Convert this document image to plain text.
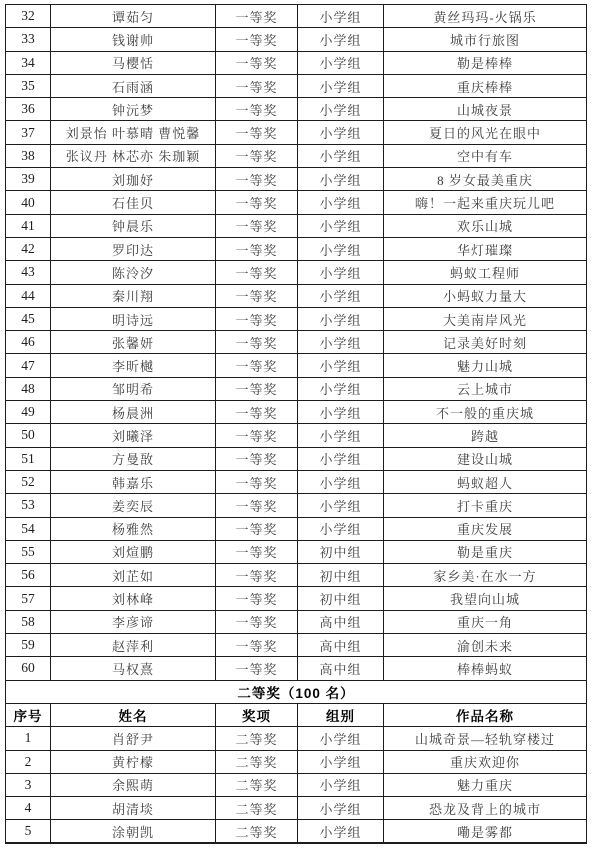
32	谭茹匀	一等奖	小学组	黄丝玛玛-火锅乐
33	钱谢帅	一等奖	小学组	城市行旅图
34	马樱恬	一等奖	小学组	勒是棒棒
35	石雨涵	一等奖	小学组	重庆棒棒
36	钟沅梦	一等奖	小学组	山城夜景
37	刘景怡 叶慕晴 曹悦馨	一等奖	小学组	夏日的风光在眼中
38	张议丹 林芯亦 朱珈颖	一等奖	小学组	空中有车
39	刘珈妤	一等奖	小学组	8 岁女最美重庆
40	石佳贝	一等奖	小学组	嗨！一起来重庆玩儿吧
41	钟晨乐	一等奖	小学组	欢乐山城
42	罗印达	一等奖	小学组	华灯璀璨
43	陈泠汐	一等奖	小学组	蚂蚁工程师
44	秦川翔	一等奖	小学组	小蚂蚁力量大
45	明诗远	一等奖	小学组	大美南岸风光
46	张馨妍	一等奖	小学组	记录美好时刻
47	李昕樾	一等奖	小学组	魅力山城
48	邹明希	一等奖	小学组	云上城市
49	杨晨洲	一等奖	小学组	不一般的重庆城
50	刘曦泽	一等奖	小学组	跨越
51	方曼敔	一等奖	小学组	建设山城
52	韩嘉乐	一等奖	小学组	蚂蚁超人
53	姜奕辰	一等奖	小学组	打卡重庆
54	杨雅然	一等奖	小学组	重庆发展
55	刘煊鹏	一等奖	初中组	勒是重庆
56	刘芷如	一等奖	初中组	家乡美·在水一方
57	刘林峰	一等奖	初中组	我望向山城
58	李彦谛	一等奖	高中组	重庆一角
59	赵萍利	一等奖	高中组	渝创未来
60	马权熹	一等奖	高中组	棒棒蚂蚁
二等奖（100 名）				
序号	姓名	奖项	组别	作品名称
1	肖舒尹	二等奖	小学组	山城奇景—轻轨穿楼过
2	黄柠檬	二等奖	小学组	重庆欢迎你
3	余熙萌	二等奖	小学组	魅力重庆
4	胡清埮	二等奖	小学组	恐龙及背上的城市
5	涂朝凯	二等奖	小学组	嘞是雾都
